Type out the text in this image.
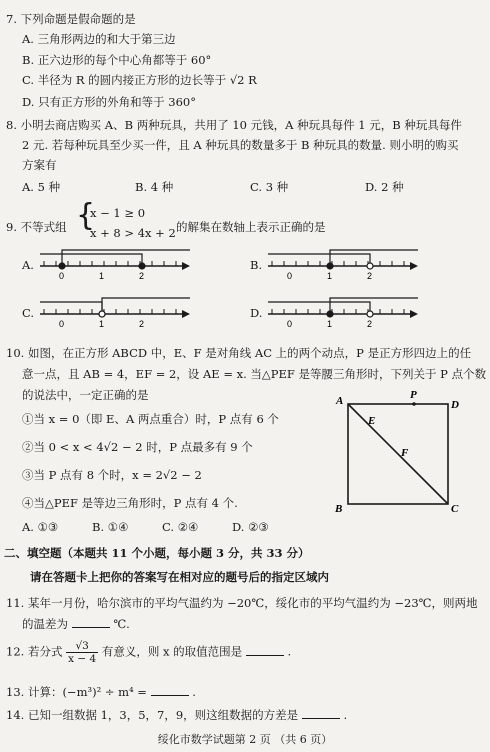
7. 下列命题是假命题的是
A. 三角形两边的和大于第三边
B. 正六边形的每个中心角都等于 60°
C. 半径为 R 的圆内接正方形的边长等于 √2 R
D. 只有正方形的外角和等于 360°
8. 小明去商店购买 A、B 两种玩具，共用了 10 元钱，A 种玩具每件 1 元，B 种玩具每件
2 元. 若每种玩具至少买一件，且 A 种玩具的数量多于 B 种玩具的数量. 则小明的购买
方案有
A. 5 种	B. 4 种	C. 3 种	D. 2 种
9. 不等式组 {
x − 1 ≥ 0
x + 8 > 4x + 2 的解集在数轴上表示正确的是
A.	B.
C.	D.
0	1	2	0	1	2
0	1	2	0	1	2
10. 如图，在正方形 ABCD 中，E、F 是对角线 AC 上的两个动点，P 是正方形四边上的任
意一点，且 AB = 4，EF = 2，设 AE = x. 当△PEF 是等腰三角形时，下列关于 P 点个数
的说法中，一定正确的是
①当 x = 0（即 E、A 两点重合）时，P 点有 6 个
②当 0 < x < 4√2 − 2 时，P 点最多有 9 个
③当 P 点有 8 个时，x = 2√2 − 2
④当△PEF 是等边三角形时，P 点有 4 个.
A. ①③	B. ①④	C. ②④	D. ②③
A	P
D
E
F
B	C
二、填空题（本题共 11 个小题，每小题 3 分，共 33 分）
请在答题卡上把你的答案写在相对应的题号后的指定区域内
11. 某年一月份，哈尔滨市的平均气温约为 −20℃，绥化市的平均气温约为 −23℃，则两地
的温差为	℃.
12. 若分式 $\frac{√3}{x - 4}$ 有意义，则 x 的取值范围是	.
13. 计算：(−m³)² ÷ m⁴ =	.
14. 已知一组数据 1，3，5，7，9，则这组数据的方差是	.
绥化市数学试题第 2 页 （共 6 页）
